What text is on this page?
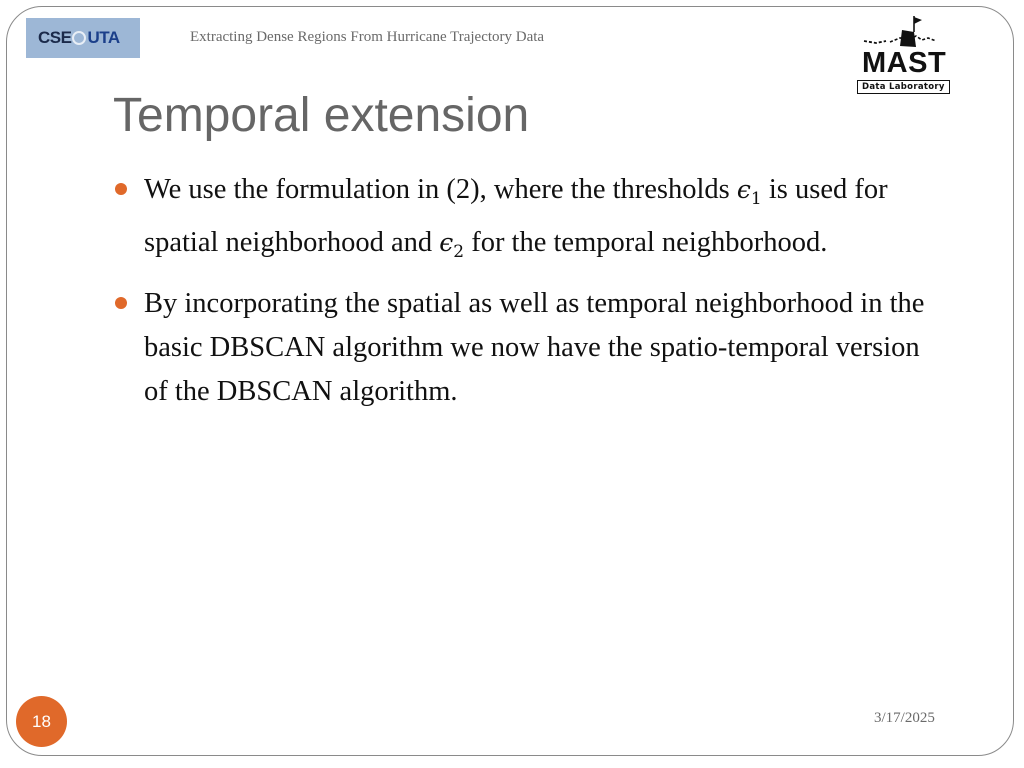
CSE UTA	Extracting Dense Regions From Hurricane Trajectory Data
MAST
Data Laboratory
Temporal extension
We use the formulation in (2), where the thresholds $\epsilon_1$ is used for spatial neighborhood and $\epsilon_2$ for the temporal neighborhood.
By incorporating the spatial as well as temporal neighborhood in the basic DBSCAN algorithm we now have the spatio-temporal version of the DBSCAN algorithm.
18	3/17/2025
